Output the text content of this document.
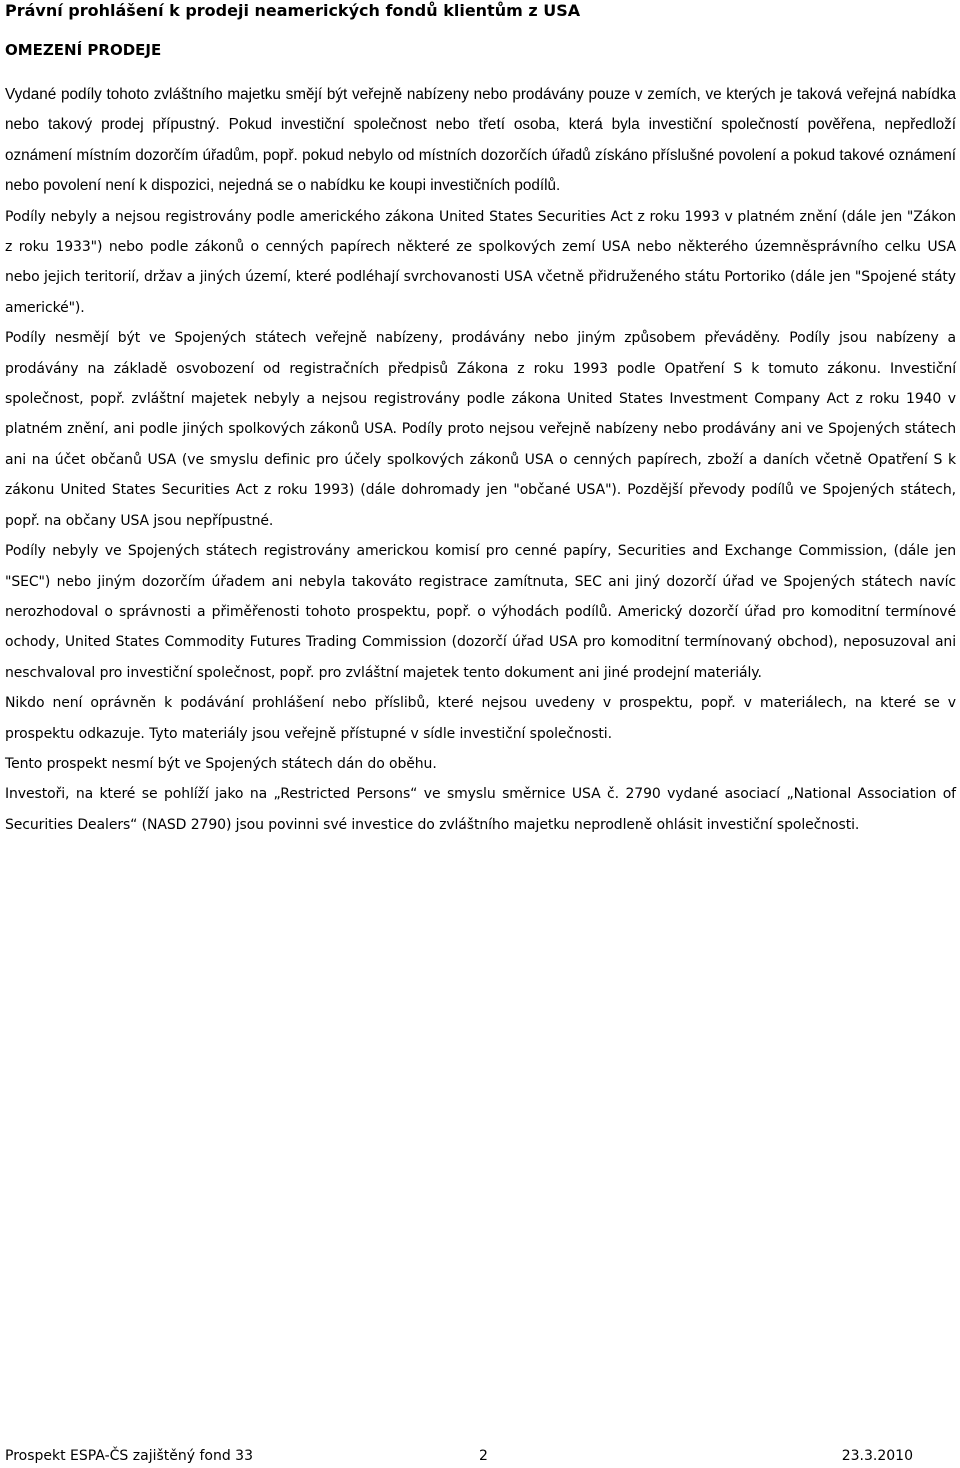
Právní prohlášení k prodeji neamerických fondů klientům z USA
OMEZENÍ PRODEJE

Vydané podíly tohoto zvláštního majetku smějí být veřejně nabízeny nebo prodávány pouze v zemích, ve kterých je taková veřejná nabídka nebo takový prodej přípustný. Pokud investiční společnost nebo třetí osoba, která byla investiční společností pověřena, nepředloží oznámení místním dozorčím úřadům, popř. pokud nebylo od místních dozorčích úřadů získáno příslušné povolení a pokud takové oznámení nebo povolení není k dispozici, nejedná se o nabídku ke koupi investičních podílů.

Podíly nebyly a nejsou registrovány podle amerického zákona United States Securities Act z roku 1993 v platném znění (dále jen "Zákon z roku 1933") nebo podle zákonů o cenných papírech některé ze spolkových zemí USA nebo některého územněsprávního celku USA nebo jejich teritorií, držav a jiných území, které podléhají svrchovanosti USA včetně přidruženého státu Portoriko (dále jen "Spojené státy americké").

Podíly nesmějí být ve Spojených státech veřejně nabízeny, prodávány nebo jiným způsobem převáděny. Podíly jsou nabízeny a prodávány na základě osvobození od registračních předpisů Zákona z roku 1993 podle Opatření S k tomuto zákonu. Investiční společnost, popř. zvláštní majetek nebyly a nejsou registrovány podle zákona United States Investment Company Act z roku 1940 v platném znění, ani podle jiných spolkových zákonů USA. Podíly proto nejsou veřejně nabízeny nebo prodávány ani ve Spojených státech ani na účet občanů USA (ve smyslu definic pro účely spolkových zákonů USA o cenných papírech, zboží a daních včetně Opatření S k zákonu United States Securities Act z roku 1993) (dále dohromady jen "občané USA"). Pozdější převody podílů ve Spojených státech, popř. na občany USA jsou nepřípustné.

Podíly nebyly ve Spojených státech registrovány americkou komisí pro cenné papíry, Securities and Exchange Commission, (dále jen "SEC") nebo jiným dozorčím úřadem ani nebyla takováto registrace zamítnuta, SEC ani jiný dozorčí úřad ve Spojených státech navíc nerozhodoval o správnosti a přiměřenosti tohoto prospektu, popř. o výhodách podílů. Americký dozorčí úřad pro komoditní termínové ochody, United States Commodity Futures Trading Commission (dozorčí úřad USA pro komoditní termínovaný obchod), neposuzoval ani neschvaloval pro investiční společnost, popř. pro zvláštní majetek tento dokument ani jiné prodejní materiály.

Nikdo není oprávněn k podávání prohlášení nebo příslibů, které nejsou uvedeny v prospektu, popř. v materiálech, na které se v prospektu odkazuje. Tyto materiály jsou veřejně přístupné v sídle investiční společnosti.

Tento prospekt nesmí být ve Spojených státech dán do oběhu.

Investoři, na které se pohlíží jako na „Restricted Persons“ ve smyslu směrnice USA č. 2790 vydané asociací „National Association of Securities Dealers“ (NASD 2790) jsou povinni své investice do zvláštního majetku neprodleně ohlásit investiční společnosti.

Prospekt ESPA-ČS zajištěný fond 33	2	23.3.2010
